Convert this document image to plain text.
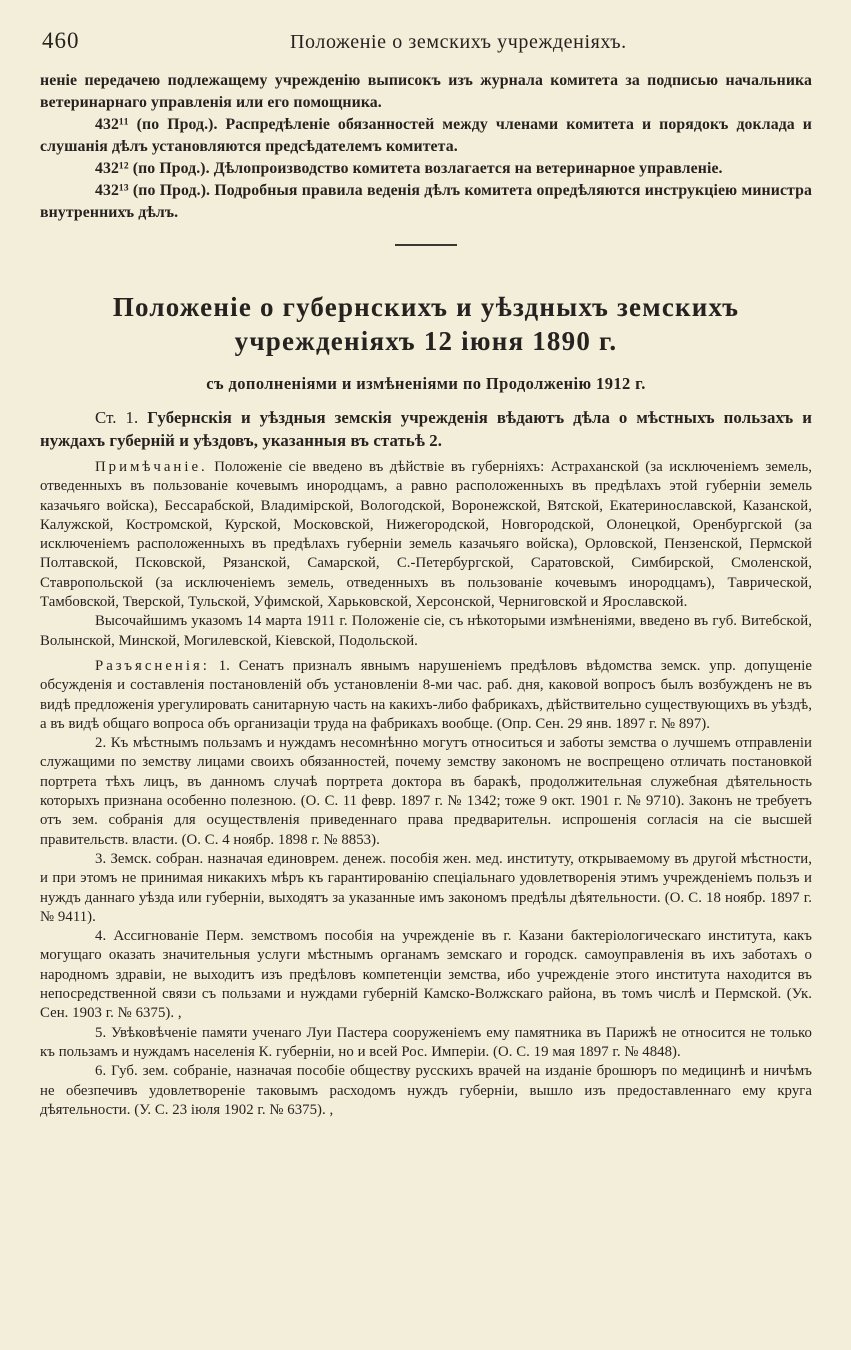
460	Положеніе о земскихъ учрежденіяхъ.

неніе передачею подлежащему учрежденію выписокъ изъ журнала комитета за подписью начальника ветеринарнаго управленія или его помощника.

432¹¹ (по Прод.). Распредѣленіе обязанностей между членами комитета и порядокъ доклада и слушанія дѣлъ установляются предсѣдателемъ комитета.

432¹² (по Прод.). Дѣлопроизводство комитета возлагается на ветеринарное управленіе.

432¹³ (по Прод.). Подробныя правила веденія дѣлъ комитета опредѣляются инструкціею министра внутреннихъ дѣлъ.

Положеніе о губернскихъ и уѣздныхъ земскихъ учрежденіяхъ 12 іюня 1890 г.
съ дополненіями и измѣненіями по Продолженію 1912 г.

Ст. 1. Губернскія и уѣздныя земскія учрежденія вѣдаютъ дѣла о мѣстныхъ пользахъ и нуждахъ губерній и уѣздовъ, указанныя въ статьѣ 2.

Примѣчаніе. Положеніе сіе введено въ дѣйствіе въ губерніяхъ: Астраханской (за исключеніемъ земель, отведенныхъ въ пользованіе кочевымъ инородцамъ, а равно расположенныхъ въ предѣлахъ этой губерніи земель казачьяго войска), Бессарабской, Владимірской, Вологодской, Воронежской, Вятской, Екатеринославской, Казанской, Калужской, Костромской, Курской, Московской, Нижегородской, Новгородской, Олонецкой, Оренбургской (за исключеніемъ расположенныхъ въ предѣлахъ губерніи земель казачьяго войска), Орловской, Пензенской, Пермской Полтавской, Псковской, Рязанской, Самарской, С.-Петербургской, Саратовской, Симбирской, Смоленской, Ставропольской (за исключеніемъ земель, отведенныхъ въ пользованіе кочевымъ инородцамъ), Таврической, Тамбовской, Тверской, Тульской, Уфимской, Харьковской, Херсонской, Черниговской и Ярославской.

Высочайшимъ указомъ 14 марта 1911 г. Положеніе сіе, съ нѣкоторыми измѣненіями, введено въ губ. Витебской, Волынской, Минской, Могилевской, Кіевской, Подольской.

Разъясненія: 1. Сенатъ призналъ явнымъ нарушеніемъ предѣловъ вѣдомства земск. упр. допущеніе обсужденія и составленія постановленій объ установленіи 8-ми час. раб. дня, каковой вопросъ былъ возбужденъ не въ видѣ предложенія урегулировать санитарную часть на какихъ-либо фабрикахъ, дѣйствительно существующихъ въ уѣздѣ, а въ видѣ общаго вопроса объ организаціи труда на фабрикахъ вообще. (Опр. Сен. 29 янв. 1897 г. № 897).

2. Къ мѣстнымъ пользамъ и нуждамъ несомнѣнно могутъ относиться и заботы земства о лучшемъ отправленіи служащими по земству лицами своихъ обязанностей, почему земству закономъ не воспрещено отличать постановкой портрета тѣхъ лицъ, въ данномъ случаѣ портрета доктора въ баракѣ, продолжительная служебная дѣятельность которыхъ признана особенно полезною. (О. С. 11 февр. 1897 г. № 1342; тоже 9 окт. 1901 г. № 9710). Законъ не требуетъ отъ зем. собранія для осуществленія приведеннаго права предварительн. испрошенія согласія на сіе высшей правительств. власти. (О. С. 4 ноябр. 1898 г. № 8853).

3. Земск. собран. назначая единоврем. денеж. пособія жен. мед. институту, открываемому въ другой мѣстности, и при этомъ не принимая никакихъ мѣръ къ гарантированію спеціальнаго удовлетворенія этимъ учрежденіемъ пользъ и нуждъ даннаго уѣзда или губерніи, выходятъ за указанные имъ закономъ предѣлы дѣятельности. (О. С. 18 ноябр. 1897 г. № 9411).

4. Ассигнованіе Перм. земствомъ пособія на учрежденіе въ г. Казани бактеріологическаго института, какъ могущаго оказать значительныя услуги мѣстнымъ органамъ земскаго и городск. самоуправленія въ ихъ заботахъ о народномъ здравіи, не выходитъ изъ предѣловъ компетенціи земства, ибо учрежденіе этого института находится въ непосредственной связи съ пользами и нуждами губерній Камско-Волжскаго района, въ томъ числѣ и Пермской. (Ук. Сен. 1903 г. № 6375). ,

5. Увѣковѣченіе памяти ученаго Луи Пастера сооруженіемъ ему памятника въ Парижѣ не относится не только къ пользамъ и нуждамъ населенія К. губерніи, но и всей Рос. Имперіи. (О. С. 19 мая 1897 г. № 4848).

6. Губ. зем. собраніе, назначая пособіе обществу русскихъ врачей на изданіе брошюръ по медицинѣ и ничѣмъ не обезпечивъ удовлетвореніе таковымъ расходомъ нуждъ губерніи, вышло изъ предоставленнаго ему круга дѣятельности. (У. С. 23 іюля 1902 г. № 6375). ,
